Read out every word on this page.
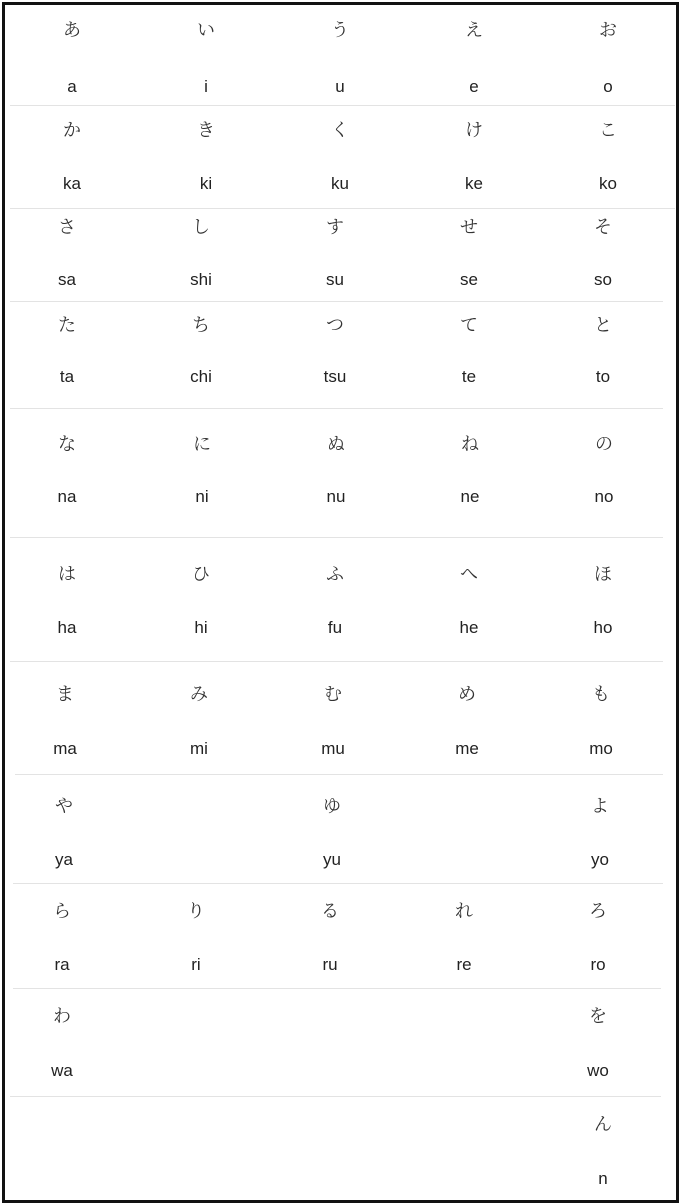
あ
a
い
i
う
u
え
e
お
o
か
ka
き
ki
く
ku
け
ke
こ
ko
さ
sa
し
shi
す
su
せ
se
そ
so
た
ta
ち
chi
つ
tsu
て
te
と
to
な
na
に
ni
ぬ
nu
ね
ne
の
no
は
ha
ひ
hi
ふ
fu
へ
he
ほ
ho
ま
ma
み
mi
む
mu
め
me
も
mo
や
ya
ゆ
yu
よ
yo
ら
ra
り
ri
る
ru
れ
re
ろ
ro
わ
wa
を
wo
ん
n
